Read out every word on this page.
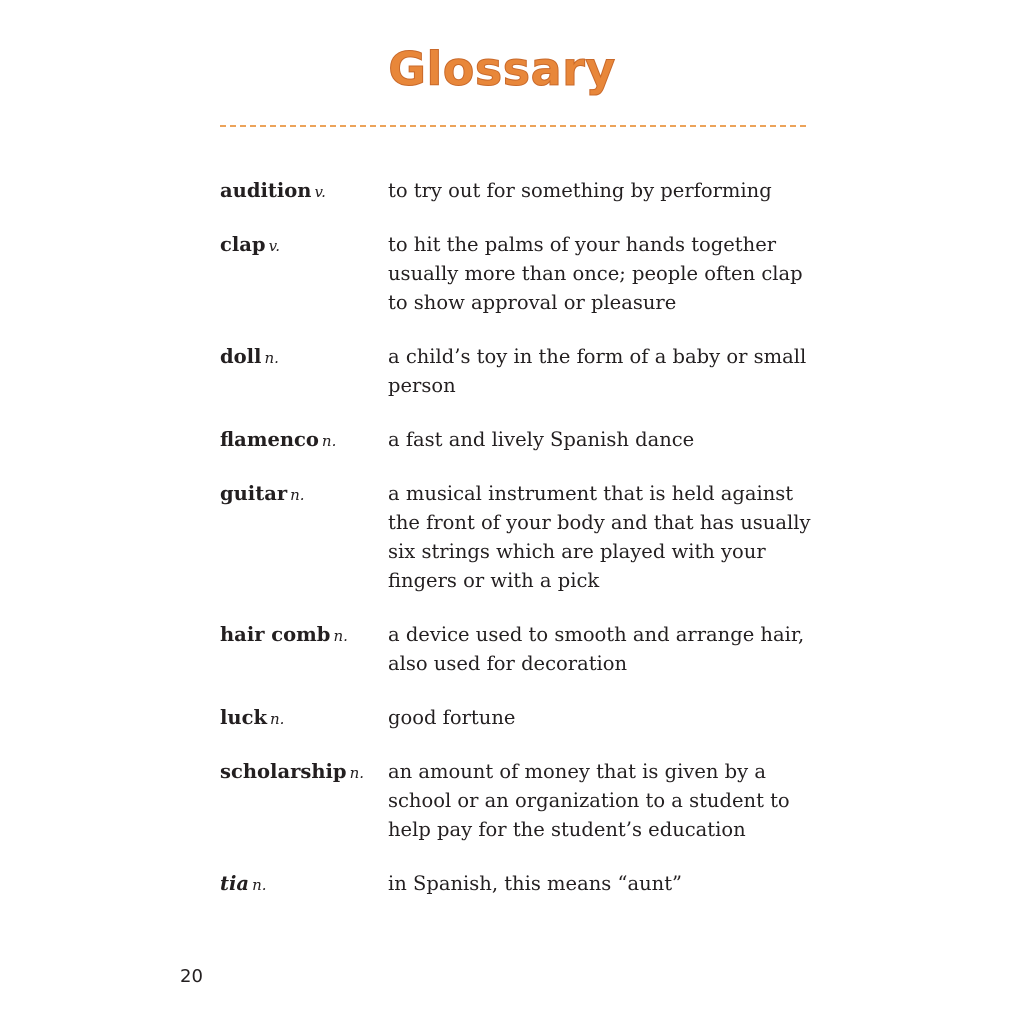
Glossary
audition v.	to try out for something by performing
clap v.	to hit the palms of your hands together usually more than once; people often clap to show approval or pleasure
doll n.	a child’s toy in the form of a baby or small person
flamenco n.	a fast and lively Spanish dance
guitar n.	a musical instrument that is held against the front of your body and that has usually six strings which are played with your fingers or with a pick
hair comb n.	a device used to smooth and arrange hair, also used for decoration
luck n.	good fortune
scholarship n.	an amount of money that is given by a school or an organization to a student to help pay for the student’s education
tia n.	in Spanish, this means “aunt”
20
